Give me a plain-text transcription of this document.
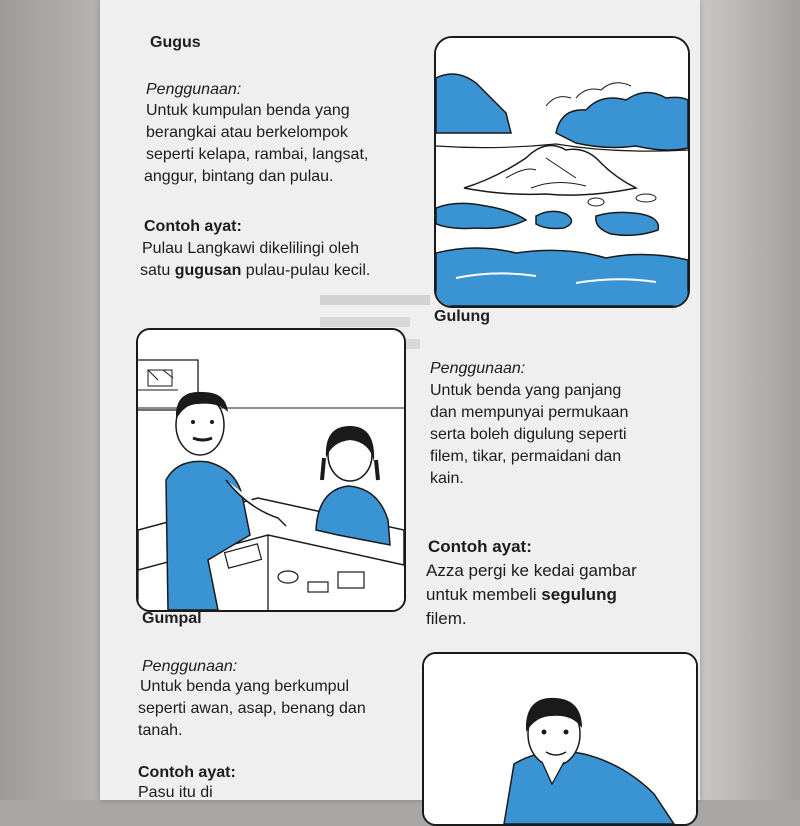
Gugus
Penggunaan:
Untuk kumpulan benda yang
berangkai atau berkelompok
seperti kelapa, rambai, langsat,
anggur, bintang dan pulau.
Contoh ayat:
Pulau Langkawi dikelilingi oleh
satu gugusan pulau-pulau kecil.
Gulung
Penggunaan:
Untuk benda yang panjang
dan mempunyai permukaan
serta boleh digulung seperti
filem, tikar, permaidani dan
kain.
Contoh ayat:
Azza pergi ke kedai gambar
untuk membeli segulung
filem.
Gumpal
Penggunaan:
Untuk benda yang berkumpul
seperti awan, asap, benang dan
tanah.
Contoh ayat:
Pasu itu di
